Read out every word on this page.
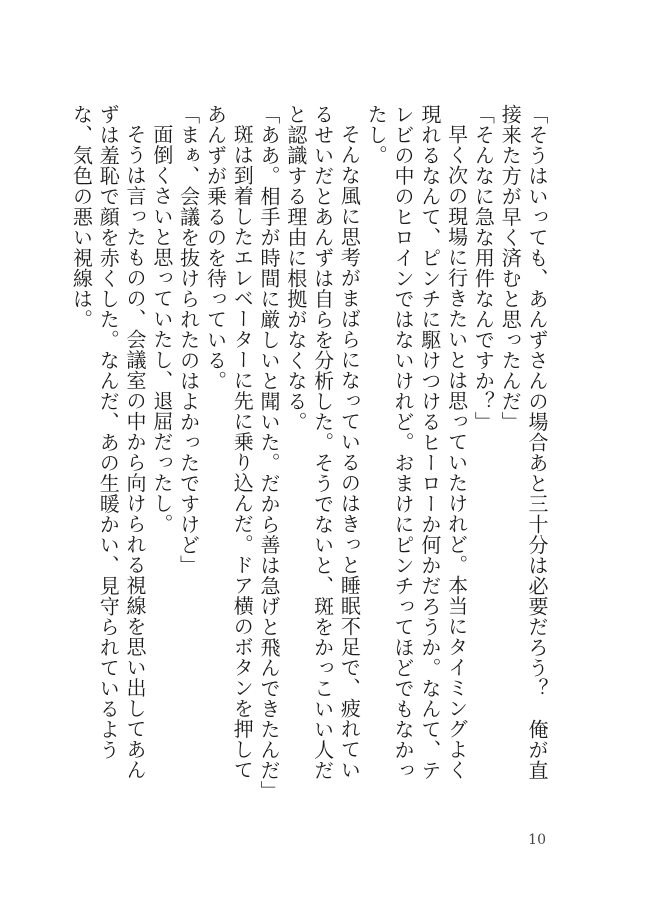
「そうはいっても、あんずさんの場合あと三十分は必要だろう？　俺が直接来た方が早く済むと思ったんだ」

「そんなに急な用件なんですか？」

早く次の現場に行きたいとは思っていたけれど。本当にタイミングよく現れるなんて、ピンチに駆けつけるヒーローか何かだろうか。なんて、テレビの中のヒロインではないけれど。おまけにピンチってほどでもなかったし。

そんな風に思考がまばらになっているのはきっと睡眠不足で、疲れているせいだとあんずは自らを分析した。そうでないと、斑をかっこいい人だと認識する理由に根拠がなくなる。

「ああ。相手が時間に厳しいと聞いた。だから善は急げと飛んできたんだ」

斑は到着したエレベーターに先に乗り込んだ。ドア横のボタンを押してあんずが乗るのを待っている。

「まぁ、会議を抜けられたのはよかったですけど」

面倒くさいと思っていたし、退屈だったし。

そうは言ったものの、会議室の中から向けられる視線を思い出してあんずは羞恥で顔を赤くした。なんだ、あの生暖かい、見守られているような、気色の悪い視線は。

10
